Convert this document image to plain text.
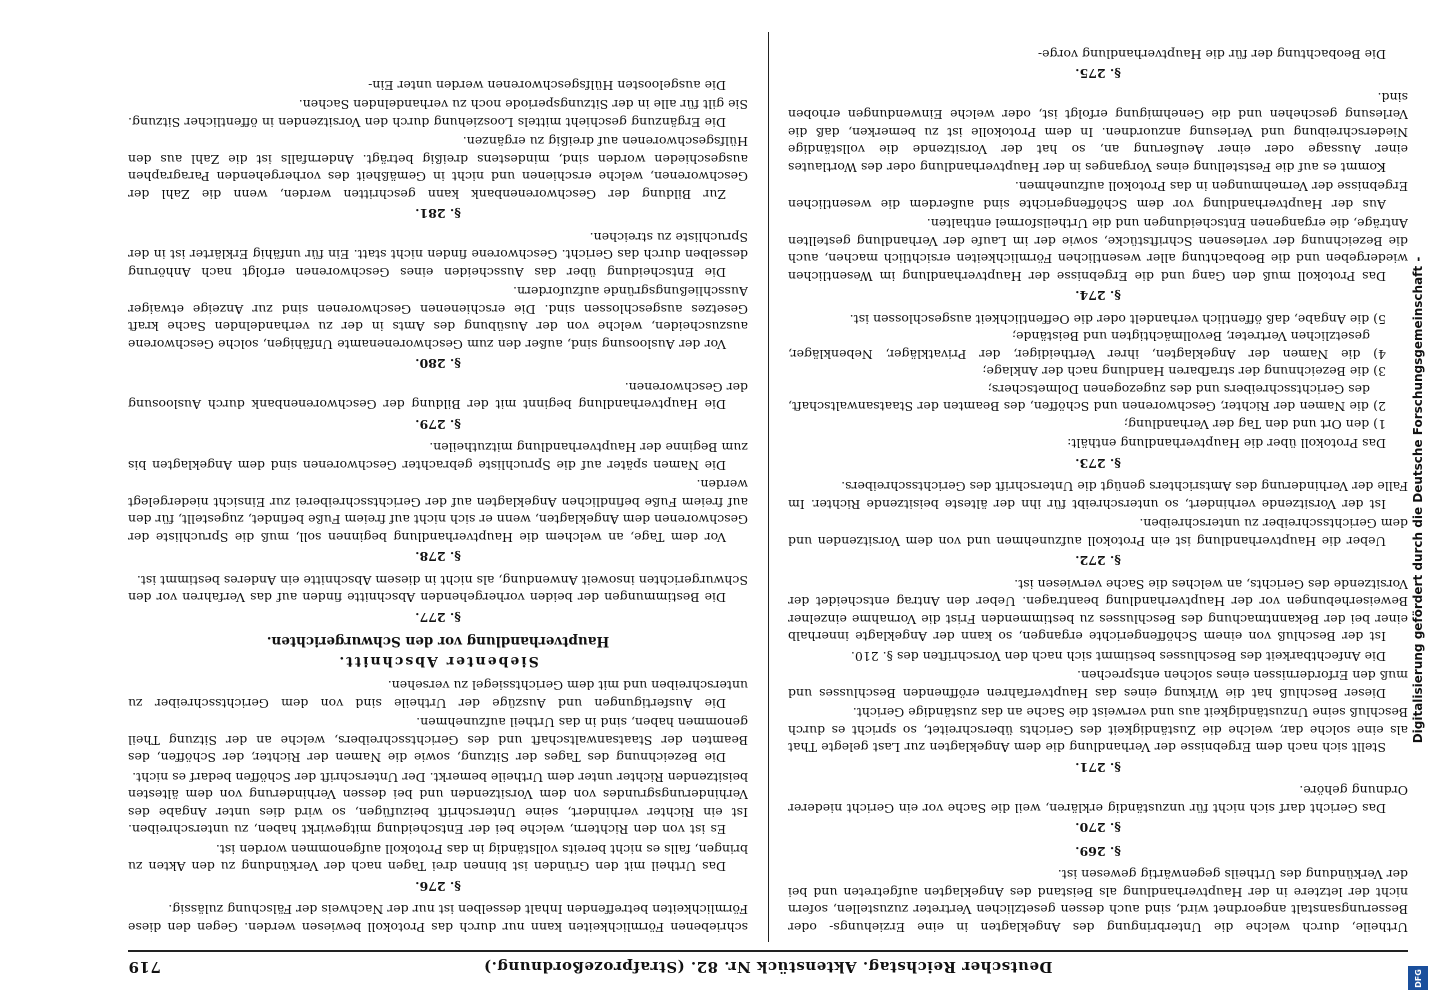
Deutscher Reichstag. Aktenstück Nr. 82. (Strafprozeßordnung.)
719

Urtheile, durch welche die Unterbringung des Angeklagten in eine Erziehungs- oder Besserungsanstalt angeordnet wird, sind auch dessen gesetzlichen Vertreter zuzustellen, sofern nicht der letztere in der Hauptverhandlung als Beistand des Angeklagten aufgetreten und bei der Verkündung des Urtheils gegenwärtig gewesen ist.

§. 269.
§. 270.

Das Gericht darf sich nicht für unzuständig erklären, weil die Sache vor ein Gericht niederer Ordnung gehöre.

§. 271.

Stellt sich nach dem Ergebnisse der Verhandlung die dem Angeklagten zur Last gelegte That als eine solche dar, welche die Zuständigkeit des Gerichts überschreitet, so spricht es durch Beschluß seine Unzuständigkeit aus und verweist die Sache an das zuständige Gericht.

Dieser Beschluß hat die Wirkung eines das Hauptverfahren eröffnenden Beschlusses und muß den Erfordernissen eines solchen entsprechen.

Die Anfechtbarkeit des Beschlusses bestimmt sich nach den Vorschriften des §. 210.

Ist der Beschluß von einem Schöffengerichte ergangen, so kann der Angeklagte innerhalb einer bei der Bekanntmachung des Beschlusses zu bestimmenden Frist die Vornahme einzelner Beweiserhebungen vor der Hauptverhandlung beantragen. Ueber den Antrag entscheidet der Vorsitzende des Gerichts, an welches die Sache verwiesen ist.

§. 272.

Ueber die Hauptverhandlung ist ein Protokoll aufzunehmen und von dem Vorsitzenden und dem Gerichtsschreiber zu unterschreiben.

Ist der Vorsitzende verhindert, so unterschreibt für ihn der älteste beisitzende Richter. Im Falle der Verhinderung des Amtsrichters genügt die Unterschrift des Gerichtsschreibers.

§. 273.

Das Protokoll über die Hauptverhandlung enthält:

1) den Ort und den Tag der Verhandlung;
2) die Namen der Richter, Geschworenen und Schöffen, des Beamten der Staatsanwaltschaft, des Gerichtsschreibers und des zugezogenen Dolmetschers;
3) die Bezeichnung der strafbaren Handlung nach der Anklage;
4) die Namen der Angeklagten, ihrer Vertheidiger, der Privatkläger, Nebenkläger, gesetzlichen Vertreter, Bevollmächtigten und Beistände;
5) die Angabe, daß öffentlich verhandelt oder die Oeffentlichkeit ausgeschlossen ist.
§. 274.

Das Protokoll muß den Gang und die Ergebnisse der Hauptverhandlung im Wesentlichen wiedergeben und die Beobachtung aller wesentlichen Förmlichkeiten ersichtlich machen, auch die Bezeichnung der verlesenen Schriftstücke, sowie der im Laufe der Verhandlung gestellten Anträge, die ergangenen Entscheidungen und die Urtheilsformel enthalten.

Aus der Hauptverhandlung vor dem Schöffengerichte sind außerdem die wesentlichen Ergebnisse der Vernehmungen in das Protokoll aufzunehmen.

Kommt es auf die Feststellung eines Vorganges in der Hauptverhandlung oder des Wortlautes einer Aussage oder einer Aeußerung an, so hat der Vorsitzende die vollständige Niederschreibung und Verlesung anzuordnen. In dem Protokolle ist zu bemerken, daß die Verlesung geschehen und die Genehmigung erfolgt ist, oder welche Einwendungen erhoben sind.

§. 275.

Die Beobachtung der für die Hauptverhandlung vorge-

schriebenen Förmlichkeiten kann nur durch das Protokoll bewiesen werden. Gegen den diese Förmlichkeiten betreffenden Inhalt desselben ist nur der Nachweis der Fälschung zulässig.

§. 276.

Das Urtheil mit den Gründen ist binnen drei Tagen nach der Verkündung zu den Akten zu bringen, falls es nicht bereits vollständig in das Protokoll aufgenommen worden ist.

Es ist von den Richtern, welche bei der Entscheidung mitgewirkt haben, zu unterschreiben. Ist ein Richter verhindert, seine Unterschrift beizufügen, so wird dies unter Angabe des Verhinderungsgrundes von dem Vorsitzenden und bei dessen Verhinderung von dem ältesten beisitzenden Richter unter dem Urtheile bemerkt. Der Unterschrift der Schöffen bedarf es nicht.

Die Bezeichnung des Tages der Sitzung, sowie die Namen der Richter, der Schöffen, des Beamten der Staatsanwaltschaft und des Gerichtsschreibers, welche an der Sitzung Theil genommen haben, sind in das Urtheil aufzunehmen.

Die Ausfertigungen und Auszüge der Urtheile sind von dem Gerichtsschreiber zu unterschreiben und mit dem Gerichtssiegel zu versehen.

Siebenter Abschnitt.
Hauptverhandlung vor den Schwurgerichten.
§. 277.

Die Bestimmungen der beiden vorhergehenden Abschnitte finden auf das Verfahren vor den Schwurgerichten insoweit Anwendung, als nicht in diesem Abschnitte ein Anderes bestimmt ist.

§. 278.

Vor dem Tage, an welchem die Hauptverhandlung beginnen soll, muß die Spruchliste der Geschworenen dem Angeklagten, wenn er sich nicht auf freiem Fuße befindet, zugestellt, für den auf freiem Fuße befindlichen Angeklagten auf der Gerichtsschreiberei zur Einsicht niedergelegt werden.

Die Namen später auf die Spruchliste gebrachter Geschworenen sind dem Angeklagten bis zum Beginne der Hauptverhandlung mitzutheilen.

§. 279.

Die Hauptverhandlung beginnt mit der Bildung der Geschworenenbank durch Ausloosung der Geschworenen.

§. 280.

Vor der Ausloosung sind, außer den zum Geschworenenamte Unfähigen, solche Geschworene auszuscheiden, welche von der Ausübung des Amts in der zu verhandelnden Sache kraft Gesetzes ausgeschlossen sind. Die erschienenen Geschworenen sind zur Anzeige etwaiger Ausschließungsgründe aufzufordern.

Die Entscheidung über das Ausscheiden eines Geschworenen erfolgt nach Anhörung desselben durch das Gericht. Geschworene finden nicht statt. Ein für unfähig Erklärter ist in der Spruchliste zu streichen.

§. 281.

Zur Bildung der Geschworenenbank kann geschritten werden, wenn die Zahl der Geschworenen, welche erschienen und nicht in Gemäßheit des vorhergehenden Paragraphen ausgeschieden worden sind, mindestens dreißig beträgt. Andernfalls ist die Zahl aus den Hülfsgeschworenen auf dreißig zu ergänzen.

Die Ergänzung geschieht mittels Loosziehung durch den Vorsitzenden in öffentlicher Sitzung. Sie gilt für alle in der Sitzungsperiode noch zu verhandelnden Sachen.

Die ausgeloosten Hülfsgeschworenen werden unter Ein-

Digitalisierung gefördert durch die Deutsche Forschungsgemeinschaft -
DFG
